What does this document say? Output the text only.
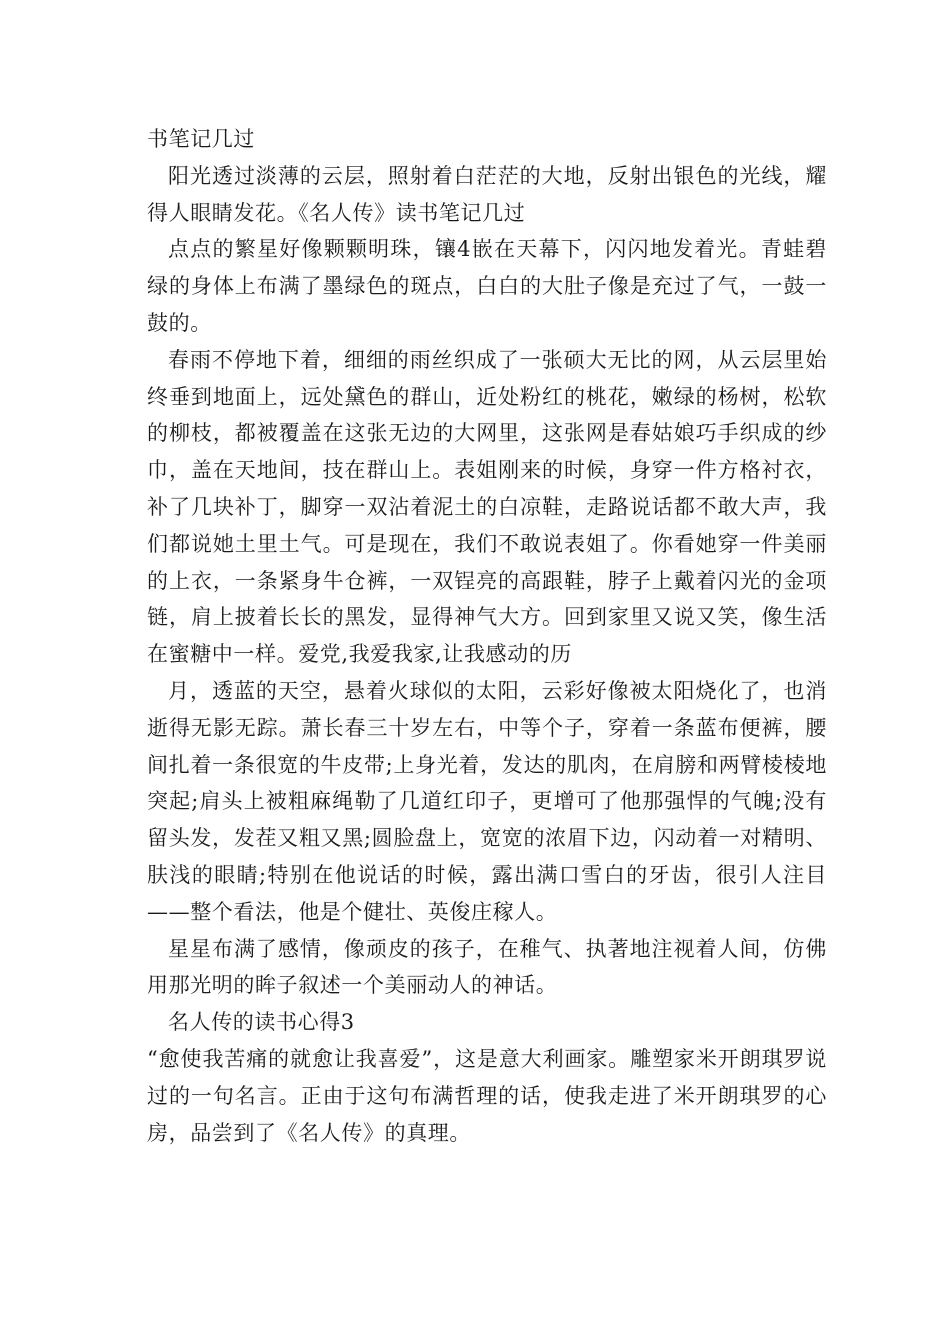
书笔记几过

阳光透过淡薄的云层，照射着白茫茫的大地，反射出银色的光线，耀得人眼睛发花。《名人传》读书笔记几过

点点的繁星好像颗颗明珠，镶4嵌在天幕下，闪闪地发着光。青蛙碧绿的身体上布满了墨绿色的斑点，白白的大肚子像是充过了气，一鼓一鼓的。

春雨不停地下着，细细的雨丝织成了一张硕大无比的网，从云层里始终垂到地面上，远处黛色的群山，近处粉红的桃花，嫩绿的杨树，松软的柳枝，都被覆盖在这张无边的大网里，这张网是春姑娘巧手织成的纱巾，盖在天地间，技在群山上。表姐刚来的时候，身穿一件方格衬衣，补了几块补丁，脚穿一双沾着泥土的白凉鞋，走路说话都不敢大声，我们都说她土里土气。可是现在，我们不敢说表姐了。你看她穿一件美丽的上衣，一条紧身牛仓裤，一双锃亮的高跟鞋，脖子上戴着闪光的金项链，肩上披着长长的黑发，显得神气大方。回到家里又说又笑，像生活在蜜糖中一样。爱党,我爱我家,让我感动的历

月，透蓝的天空，悬着火球似的太阳，云彩好像被太阳烧化了，也消逝得无影无踪。萧长春三十岁左右，中等个子，穿着一条蓝布便裤，腰间扎着一条很宽的牛皮带;上身光着，发达的肌肉，在肩膀和两臂棱棱地突起;肩头上被粗麻绳勒了几道红印子，更增可了他那强悍的气魄;没有留头发，发茬又粗又黑;圆脸盘上，宽宽的浓眉下边，闪动着一对精明、肤浅的眼睛;特别在他说话的时候，露出满口雪白的牙齿，很引人注目——整个看法，他是个健壮、英俊庄稼人。

星星布满了感情，像顽皮的孩子，在稚气、执著地注视着人间，仿佛用那光明的眸子叙述一个美丽动人的神话。

名人传的读书心得3

“愈使我苦痛的就愈让我喜爱”，这是意大利画家。雕塑家米开朗琪罗说过的一句名言。正由于这句布满哲理的话，使我走进了米开朗琪罗的心房，品尝到了《名人传》的真理。
